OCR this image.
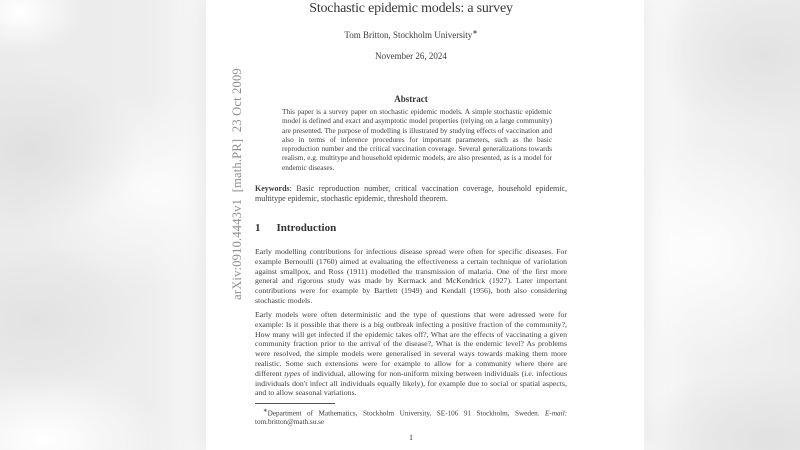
arXiv:0910.4443v1  [math.PR]  23 Oct 2009
Stochastic epidemic models: a survey
Tom Britton, Stockholm University∗
November 26, 2024
Abstract

This paper is a survey paper on stochastic epidemic models. A simple stochastic epidemic model is defined and exact and asymptotic model properties (relying on a large community) are presented. The purpose of modelling is illustrated by studying effects of vaccination and also in terms of inference procedures for important parameters, such as the basic reproduction number and the critical vaccination coverage. Several generalizations towards realism, e.g. multitype and household epidemic models, are also presented, as is a model for endemic diseases.

Keywords: Basic reproduction number, critical vaccination coverage, household epidemic, multitype epidemic, stochastic epidemic, threshold theorem.

1 Introduction

Early modelling contributions for infectious disease spread were often for specific diseases. For example Bernoulli (1760) aimed at evaluating the effectiveness a certain technique of variolation against smallpox, and Ross (1911) modelled the transmission of malaria. One of the first more general and rigorous study was made by Kermack and McKendrick (1927). Later important contributions were for example by Bartlett (1949) and Kendall (1956), both also considering stochastic models.

Early models were often deterministic and the type of questions that were adressed were for example: Is it possible that there is a big outbreak infecting a positive fraction of the community?, How many will get infected if the epidemic takes off?, What are the effects of vaccinating a given community fraction prior to the arrival of the disease?, What is the endemic level? As problems were resolved, the simple models were generalised in several ways towards making them more realistic. Some such extensions were for example to allow for a community where there are different types of individual, allowing for non-uniform mixing between individuals (i.e. infectious individuals don't infect all individuals equally likely), for example due to social or spatial aspects, and to allow seasonal variations.

∗Department of Mathematics, Stockholm University, SE-106 91 Stockholm, Sweden. E-mail: tom.britton@math.su.se

1
